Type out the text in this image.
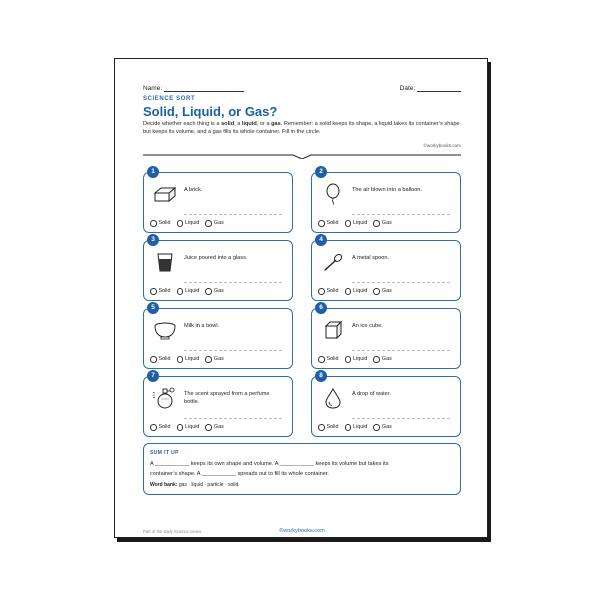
Name:	Date:
SCIENCE SORT
Solid, Liquid, or Gas?
Decide whether each thing is a solid, a liquid, or a gas. Remember: a solid keeps its shape, a liquid takes its container’s shape but keeps its volume, and a gas fills its whole container. Fill in the circle.
©workybooks.com
1
A brick.
Solid	Liquid	Gas
2
The air blown into a balloon.
Solid	Liquid	Gas
3
Juice poured into a glass.
Solid	Liquid	Gas
4
A metal spoon.
Solid	Liquid	Gas
5
Milk in a bowl.
Solid	Liquid	Gas
6
An ice cube.
Solid	Liquid	Gas
7
The scent sprayed from a perfume bottle.
Solid	Liquid	Gas
8
A drop of water.
Solid	Liquid	Gas
SUM IT UP
A ___________ keeps its own shape and volume. A ___________ keeps its volume but takes its
container’s shape. A ___________ spreads out to fill its whole container.
Word bank: gas · liquid · particle · solid
Part of the Daily Science series	©workybooks.com
